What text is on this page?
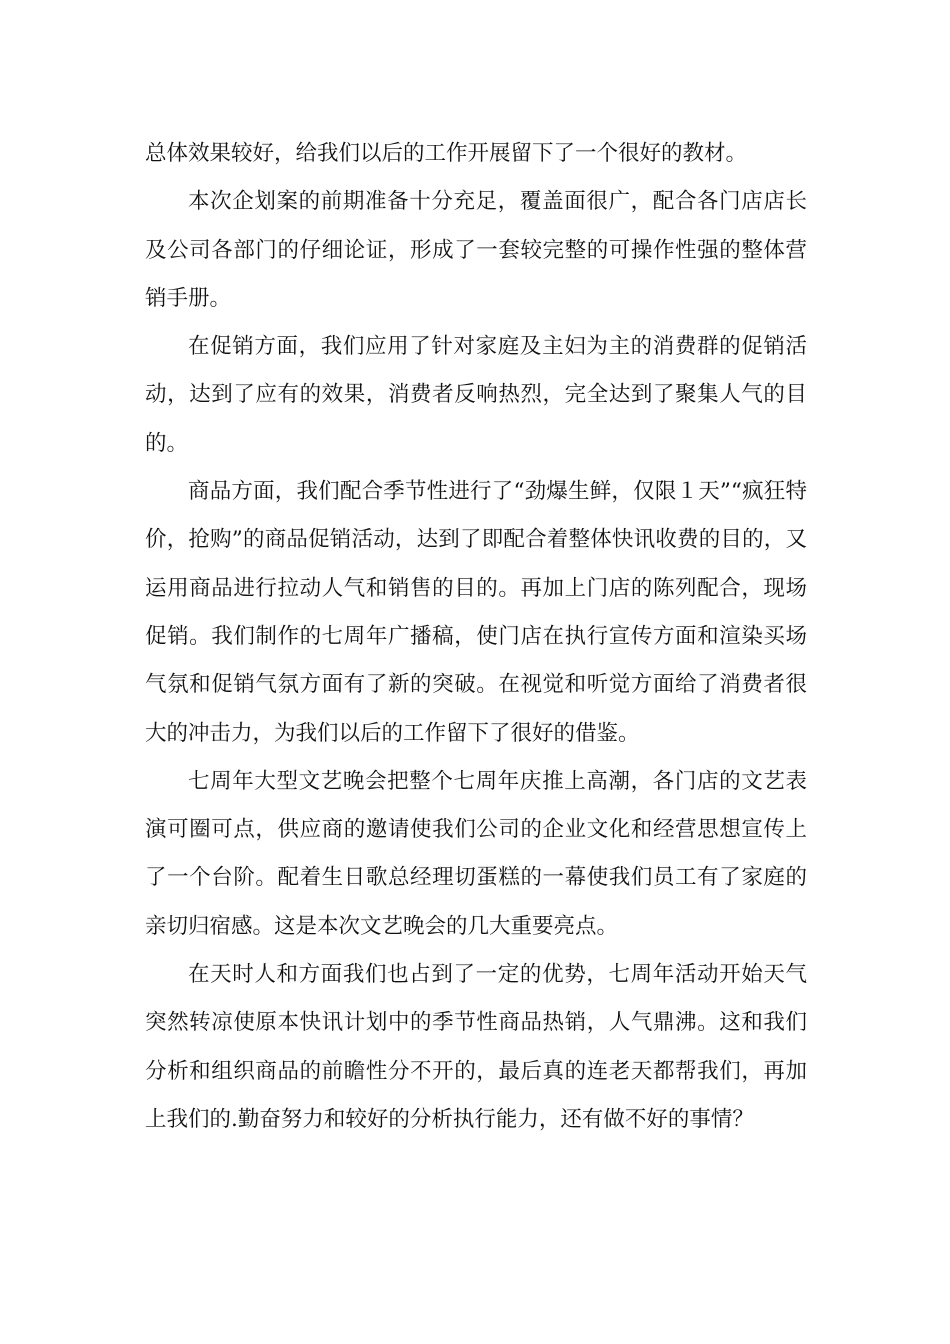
总体效果较好，给我们以后的工作开展留下了一个很好的教材。

本次企划案的前期准备十分充足，覆盖面很广，配合各门店店长及公司各部门的仔细论证，形成了一套较完整的可操作性强的整体营销手册。

在促销方面，我们应用了针对家庭及主妇为主的消费群的促销活动，达到了应有的效果，消费者反响热烈，完全达到了聚集人气的目的。

商品方面，我们配合季节性进行了“劲爆生鲜，仅限１天”“疯狂特价，抢购”的商品促销活动，达到了即配合着整体快讯收费的目的，又运用商品进行拉动人气和销售的目的。再加上门店的陈列配合，现场促销。我们制作的七周年广播稿，使门店在执行宣传方面和渲染买场气氛和促销气氛方面有了新的突破。在视觉和听觉方面给了消费者很大的冲击力，为我们以后的工作留下了很好的借鉴。

七周年大型文艺晚会把整个七周年庆推上高潮，各门店的文艺表演可圈可点，供应商的邀请使我们公司的企业文化和经营思想宣传上了一个台阶。配着生日歌总经理切蛋糕的一幕使我们员工有了家庭的亲切归宿感。这是本次文艺晚会的几大重要亮点。

在天时人和方面我们也占到了一定的优势，七周年活动开始天气突然转凉使原本快讯计划中的季节性商品热销，人气鼎沸。这和我们分析和组织商品的前瞻性分不开的，最后真的连老天都帮我们，再加上我们的.勤奋努力和较好的分析执行能力，还有做不好的事情？
